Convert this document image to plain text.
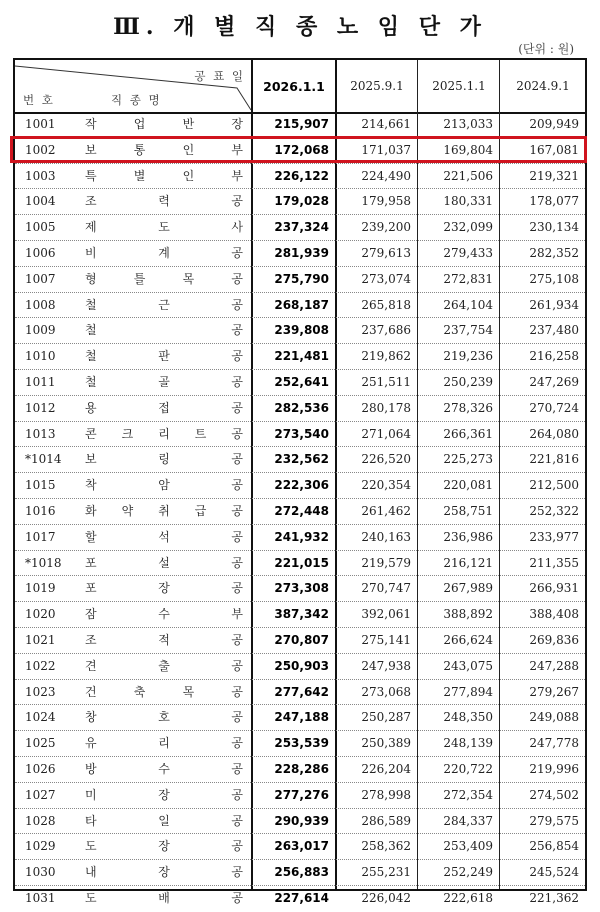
Ⅲ. 개 별 직 종 노 임 단 가
(단위 : 원)
공 표 일
번 호	직 종 명
2026.1.1	2025.9.1	2025.1.1	2024.9.1
1001	작	업	반	장	215,907	214,661	213,033	209,949
1002	보	통	인	부	172,068	171,037	169,804	167,081
1003	특	별	인	부	226,122	224,490	221,506	219,321
1004	조	력	공	179,028	179,958	180,331	178,077
1005	제	도	사	237,324	239,200	232,099	230,134
1006	비	계	공	281,939	279,613	279,433	282,352
1007	형	틀	목	공	275,790	273,074	272,831	275,108
1008	철	근	공	268,187	265,818	264,104	261,934
1009	철	공	239,808	237,686	237,754	237,480
1010	철	판	공	221,481	219,862	219,236	216,258
1011	철	골	공	252,641	251,511	250,239	247,269
1012	용	접	공	282,536	280,178	278,326	270,724
1013	콘 크 리 트 공	273,540	271,064	266,361	264,080
*1014	보	링	공	232,562	226,520	225,273	221,816
1015	착	암	공	222,306	220,354	220,081	212,500
1016	화 약 취 급 공	272,448	261,462	258,751	252,322
1017	할	석	공	241,932	240,163	236,986	233,977
*1018	포	설	공	221,015	219,579	216,121	211,355
1019	포	장	공	273,308	270,747	267,989	266,931
1020	잠	수	부	387,342	392,061	388,892	388,408
1021	조	적	공	270,807	275,141	266,624	269,836
1022	견	출	공	250,903	247,938	243,075	247,288
1023	건	축	목	공	277,642	273,068	277,894	279,267
1024	창	호	공	247,188	250,287	248,350	249,088
1025	유	리	공	253,539	250,389	248,139	247,778
1026	방	수	공	228,286	226,204	220,722	219,996
1027	미	장	공	277,276	278,998	272,354	274,502
1028	타	일	공	290,939	286,589	284,337	279,575
1029	도	장	공	263,017	258,362	253,409	256,854
1030	내	장	공	256,883	255,231	252,249	245,524
1031	도	배	공	227,614	226,042	222,618	221,362
